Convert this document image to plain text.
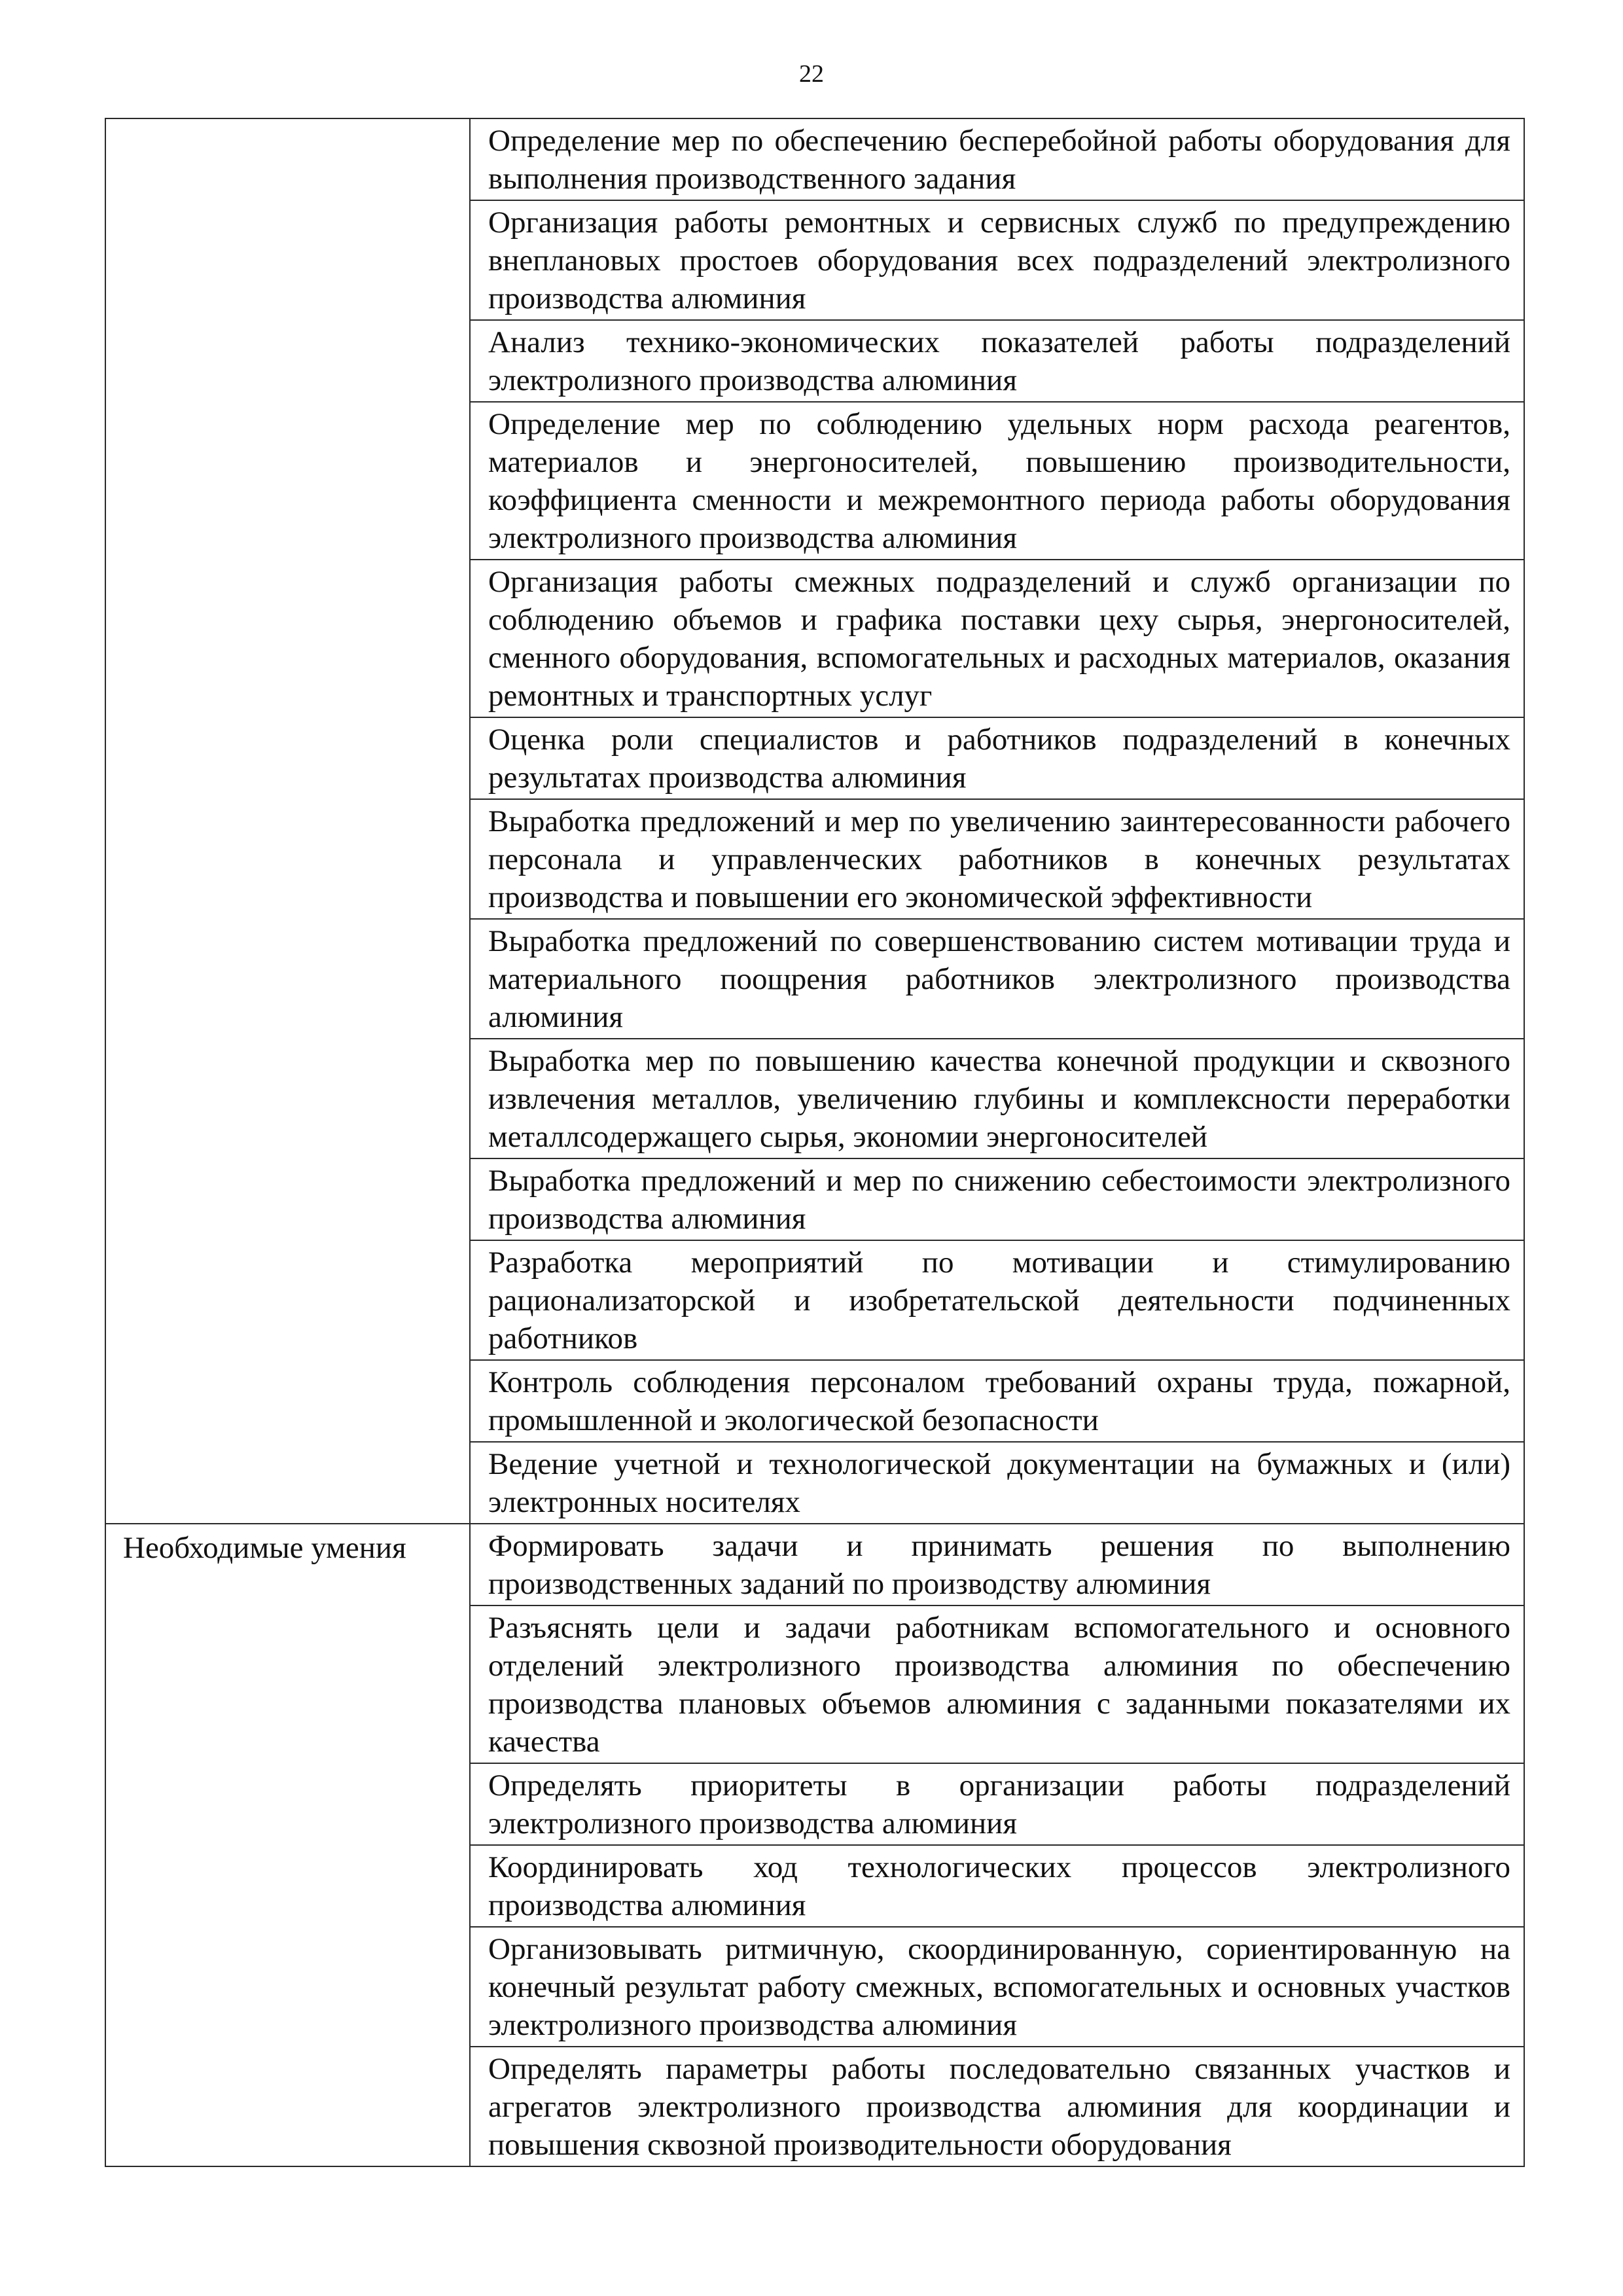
22

	Определение мер по обеспечению бесперебойной работы оборудования для выполнения производственного задания

	Организация работы ремонтных и сервисных служб по предупреждению внеплановых простоев оборудования всех подразделений электролизного производства алюминия

	Анализ технико-экономических показателей работы подразделений электролизного производства алюминия

	Определение мер по соблюдению удельных норм расхода реагентов, материалов и энергоносителей, повышению производительности, коэффициента сменности и межремонтного периода работы оборудования электролизного производства алюминия

	Организация работы смежных подразделений и служб организации по соблюдению объемов и графика поставки цеху сырья, энергоносителей, сменного оборудования, вспомогательных и расходных материалов, оказания ремонтных и транспортных услуг

	Оценка роли специалистов и работников подразделений в конечных результатах производства алюминия

	Выработка предложений и мер по увеличению заинтересованности рабочего персонала и управленческих работников в конечных результатах производства и повышении его экономической эффективности

	Выработка предложений по совершенствованию систем мотивации труда и материального поощрения работников электролизного производства алюминия

	Выработка мер по повышению качества конечной продукции и сквозного извлечения металлов, увеличению глубины и комплексности переработки металлсодержащего сырья, экономии энергоносителей

	Выработка предложений и мер по снижению себестоимости электролизного производства алюминия

	Разработка мероприятий по мотивации и стимулированию рационализаторской и изобретательской деятельности подчиненных работников

	Контроль соблюдения персоналом требований охраны труда, пожарной, промышленной и экологической безопасности

	Ведение учетной и технологической документации на бумажных и (или) электронных носителях

Необходимые умения	Формировать задачи и принимать решения по выполнению производственных заданий по производству алюминия

	Разъяснять цели и задачи работникам вспомогательного и основного отделений электролизного производства алюминия по обеспечению производства плановых объемов алюминия с заданными показателями их качества

	Определять приоритеты в организации работы подразделений электролизного производства алюминия

	Координировать ход технологических процессов электролизного производства алюминия

	Организовывать ритмичную, скоординированную, сориентированную на конечный результат работу смежных, вспомогательных и основных участков электролизного производства алюминия

	Определять параметры работы последовательно связанных участков и агрегатов электролизного производства алюминия для координации и повышения сквозной производительности оборудования
